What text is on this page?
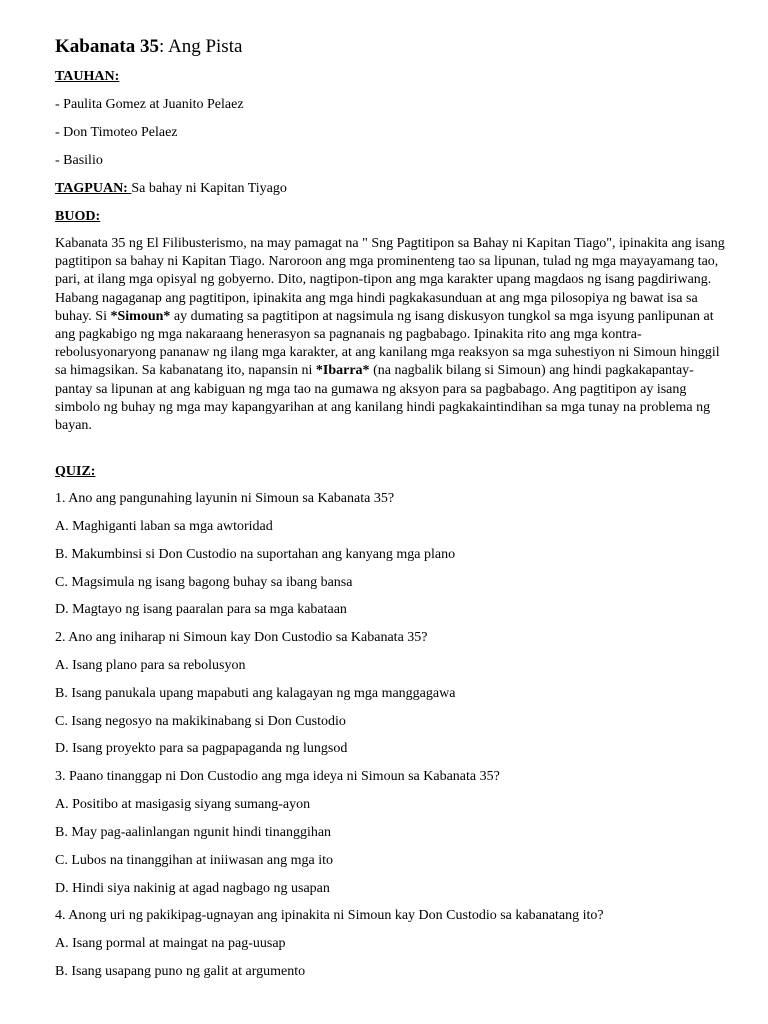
Kabanata 35: Ang Pista
TAUHAN:
- Paulita Gomez at Juanito Pelaez
- Don Timoteo Pelaez
- Basilio
TAGPUAN: Sa bahay ni Kapitan Tiyago
BUOD:
Kabanata 35 ng El Filibusterismo, na may pamagat na " Sng Pagtitipon sa Bahay ni Kapitan Tiago", ipinakita ang isang pagtitipon sa bahay ni Kapitan Tiago. Naroroon ang mga prominenteng tao sa lipunan, tulad ng mga mayayamang tao, pari, at ilang mga opisyal ng gobyerno. Dito, nagtipon-tipon ang mga karakter upang magdaos ng isang pagdiriwang. Habang nagaganap ang pagtitipon, ipinakita ang mga hindi pagkakasunduan at ang mga pilosopiya ng bawat isa sa buhay. Si *Simoun* ay dumating sa pagtitipon at nagsimula ng isang diskusyon tungkol sa mga isyung panlipunan at ang pagkabigo ng mga nakaraang henerasyon sa pagnanais ng pagbabago. Ipinakita rito ang mga kontra-rebolusyonaryong pananaw ng ilang mga karakter, at ang kanilang mga reaksyon sa mga suhestiyon ni Simoun hinggil sa himagsikan. Sa kabanatang ito, napansin ni *Ibarra* (na nagbalik bilang si Simoun) ang hindi pagkakapantay-pantay sa lipunan at ang kabiguan ng mga tao na gumawa ng aksyon para sa pagbabago. Ang pagtitipon ay isang simbolo ng buhay ng mga may kapangyarihan at ang kanilang hindi pagkakaintindihan sa mga tunay na problema ng bayan.
QUIZ:
1. Ano ang pangunahing layunin ni Simoun sa Kabanata 35?
A. Maghiganti laban sa mga awtoridad
B. Makumbinsi si Don Custodio na suportahan ang kanyang mga plano
C. Magsimula ng isang bagong buhay sa ibang bansa
D. Magtayo ng isang paaralan para sa mga kabataan
2. Ano ang iniharap ni Simoun kay Don Custodio sa Kabanata 35?
A. Isang plano para sa rebolusyon
B. Isang panukala upang mapabuti ang kalagayan ng mga manggagawa
C. Isang negosyo na makikinabang si Don Custodio
D. Isang proyekto para sa pagpapaganda ng lungsod
3. Paano tinanggap ni Don Custodio ang mga ideya ni Simoun sa Kabanata 35?
A. Positibo at masigasig siyang sumang-ayon
B. May pag-aalinlangan ngunit hindi tinanggihan
C. Lubos na tinanggihan at iniiwasan ang mga ito
D. Hindi siya nakinig at agad nagbago ng usapan
4. Anong uri ng pakikipag-ugnayan ang ipinakita ni Simoun kay Don Custodio sa kabanatang ito?
A. Isang pormal at maingat na pag-uusap
B. Isang usapang puno ng galit at argumento
